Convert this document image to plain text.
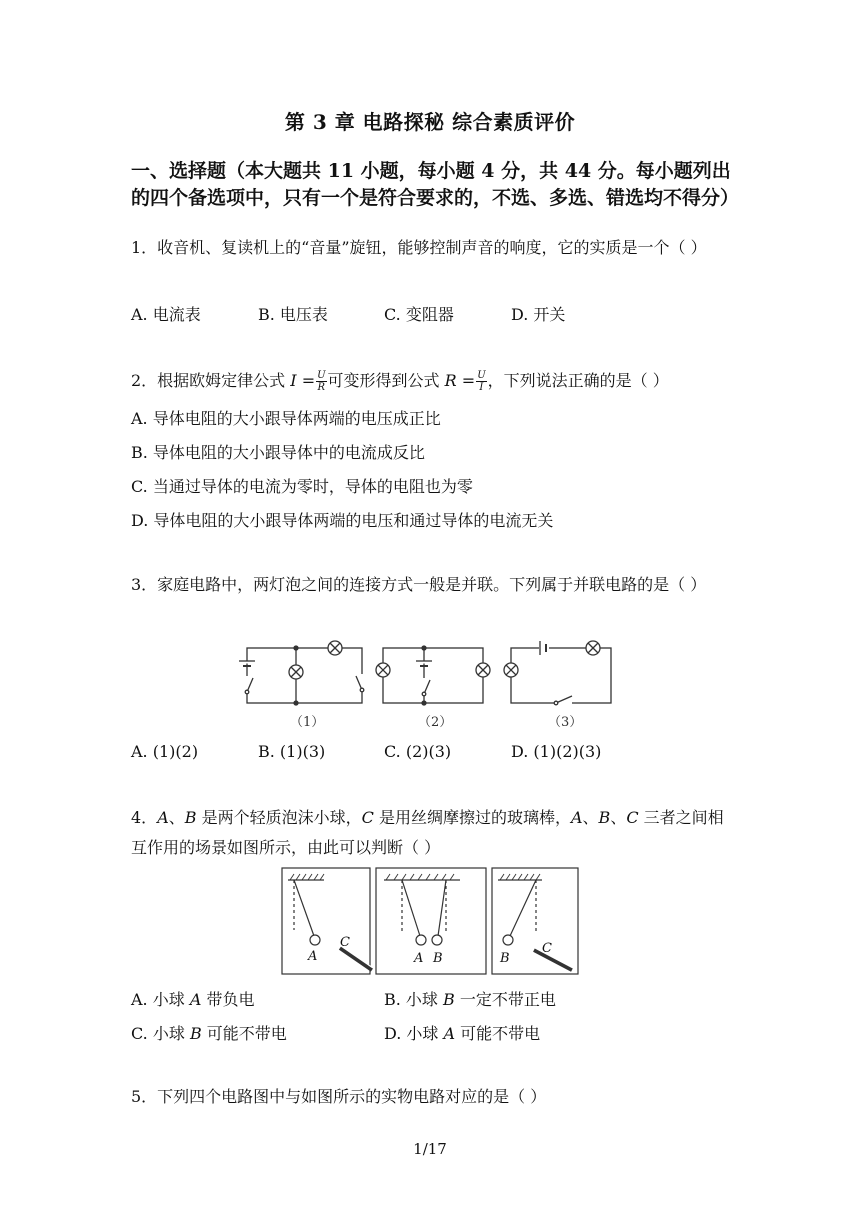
第 3 章 电路探秘 综合素质评价
一、选择题（本大题共 11 小题，每小题 4 分，共 44 分。每小题列出的四个备选项中，只有一个是符合要求的，不选、多选、错选均不得分）
1．收音机、复读机上的“音量”旋钮，能够控制声音的响度，它的实质是一个（ ）
A. 电流表	B. 电压表	C. 变阻器	D. 开关
2．根据欧姆定律公式 $I = \frac{U}{R}$ 可变形得到公式 $R = \frac{U}{I}$ ，下列说法正确的是（ ）
A. 导体电阻的大小跟导体两端的电压成正比
B. 导体电阻的大小跟导体中的电流成反比
C. 当通过导体的电流为零时，导体的电阻也为零
D. 导体电阻的大小跟导体两端的电压和通过导体的电流无关
3．家庭电路中，两灯泡之间的连接方式一般是并联。下列属于并联电路的是（ ）
（1）	（2）	（3）
A. (1)(2)	B. (1)(3)	C. (2)(3)	D. (1)(2)(3)
4．A、B 是两个轻质泡沫小球，C 是用丝绸摩擦过的玻璃棒，A、B、C 三者之间相互作用的场景如图所示，由此可以判断（ ）
A
C
A B	B
C
A. 小球 A 带负电	B. 小球 B 一定不带正电
C. 小球 B 可能不带电	D. 小球 A 可能不带电
5．下列四个电路图中与如图所示的实物电路对应的是（ ）
1/17
